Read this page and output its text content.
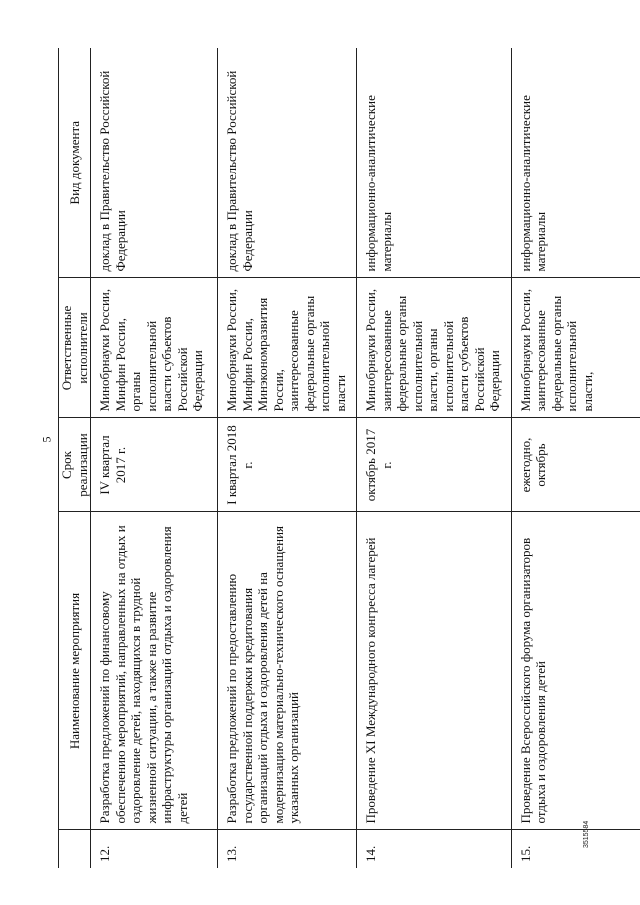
5
	Наименование мероприятия	Срок реализации	Ответственные исполнители	Вид документа
12.	Разработка предложений по финансовому обеспечению мероприятий, направленных на отдых и оздоровление детей, находящихся в трудной жизненной ситуации, а также на развитие инфраструктуры организаций отдыха и оздоровления детей	IV квартал 2017 г.	Минобрнауки России, Минфин России, органы исполнительной власти субъектов Российской Федерации	доклад в Правительство Российской Федерации
13.	Разработка предложений по предоставлению государственной поддержки кредитования организаций отдыха и оздоровления детей на модернизацию материально-технического оснащения указанных организаций	I квартал 2018 г.	Минобрнауки России, Минфин России, Минэкономразвития России, заинтересованные федеральные органы исполнительной власти	доклад в Правительство Российской Федерации
14.	Проведение XI Международного конгресса лагерей	октябрь 2017 г.	Минобрнауки России, заинтересованные федеральные органы исполнительной власти, органы исполнительной власти субъектов Российской Федерации	информационно-аналитические материалы
15.	Проведение Всероссийского форума организаторов отдыха и оздоровления детей	ежегодно, октябрь	Минобрнауки России, заинтересованные федеральные органы исполнительной власти,	информационно-аналитические материалы
3515584
